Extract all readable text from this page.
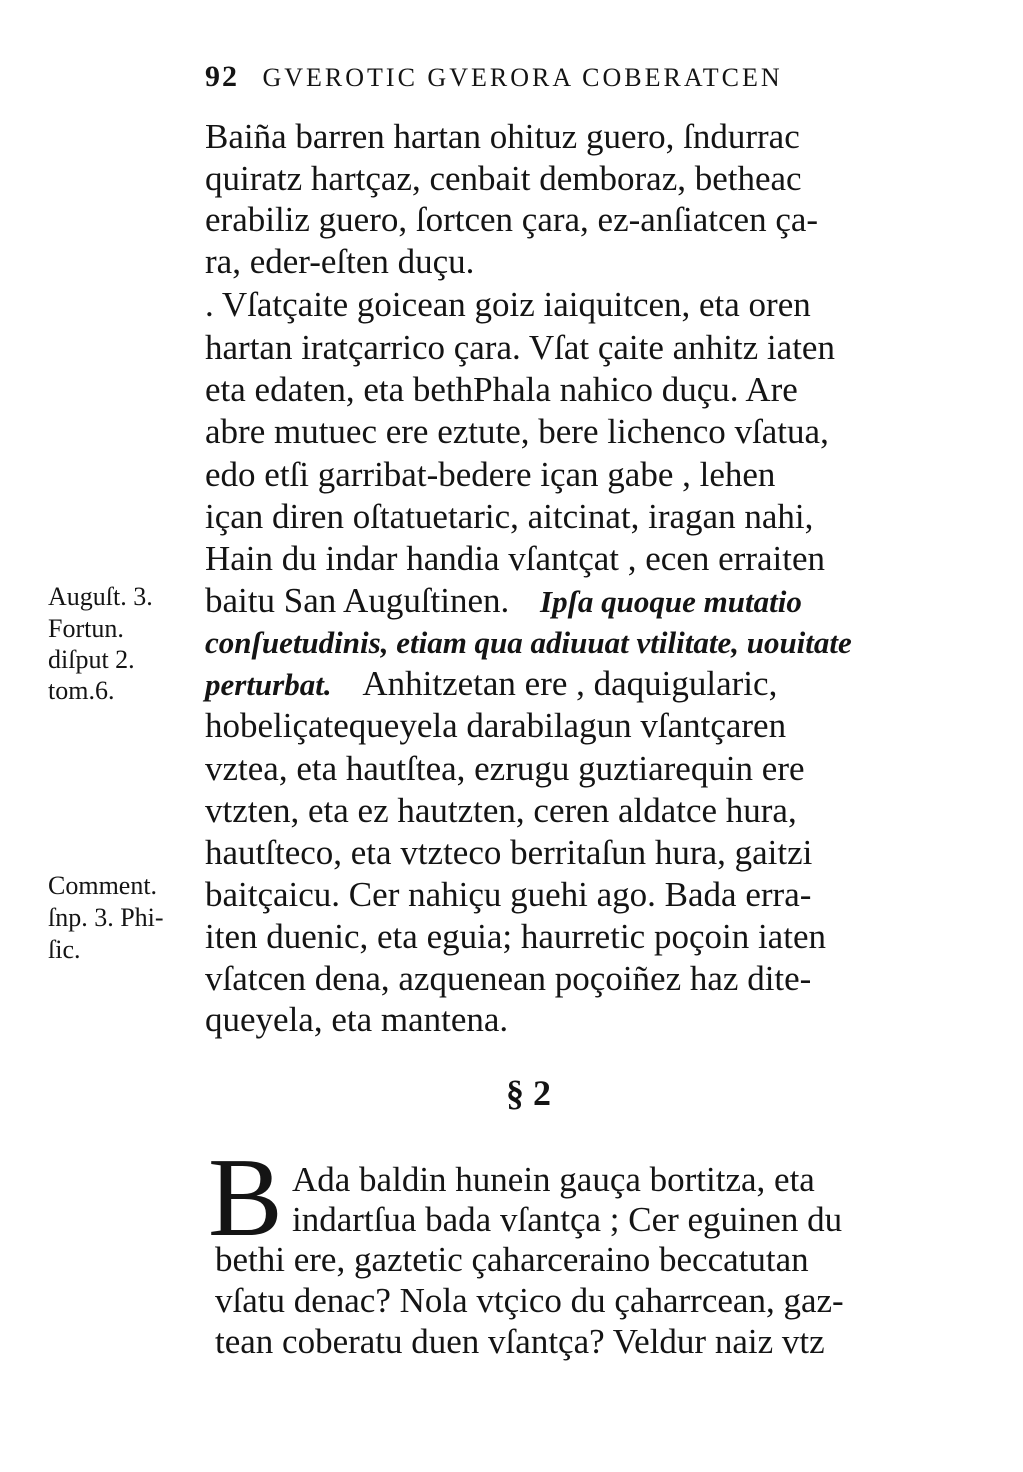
92 GVEROTIC GVERORA COBERATCEN
Baiña barren hartan ohituz guero, ſndurrac
quiratz hartçaz, cenbait demboraz, betheac
erabiliz guero, ſortcen çara, ez-anſiatcen ça-
ra, eder-eſten duçu.
. Vſatçaite goicean goiz iaiquitcen, eta oren
hartan iratçarrico çara. Vſat çaite anhitz iaten
eta edaten, eta bethPhala nahico duçu. Are
abre mutuec ere eztute, bere lichenco vſatua,
edo etſi garribat-bedere içan gabe , lehen
içan diren oſtatuetaric, aitcinat, iragan nahi,
Hain du indar handia vſantçat , ecen erraiten
baitu San Auguſtinen. Ipſa quoque mutatio
conſuetudinis, etiam qua adiuuat vtilitate, uouitate
perturbat. Anhitzetan ere , daquigularic,
hobeliçatequeyela darabilagun vſantçaren
vztea, eta hautſtea, ezrugu guztiarequin ere
vtzten, eta ez hautzten, ceren aldatce hura,
hautſteco, eta vtzteco berritaſun hura, gaitzi
baitçaicu. Cer nahiçu guehi ago. Bada erra-
iten duenic, eta eguia; haurretic poçoin iaten
vſatcen dena, azquenean poçoiñez haz dite-
queyela, eta mantena.
Auguſt. 3.
Fortun.
diſput 2.
tom.6.
Comment.
ſnp. 3. Phi-
ſic.
§ 2
B Ada baldin hunein gauça bortitza, eta
indartſua bada vſantça ; Cer eguinen du
bethi ere, gaztetic çaharceraino beccatutan
vſatu denac? Nola vtçico du çaharrcean, gaz-
tean coberatu duen vſantça? Veldur naiz vtz
